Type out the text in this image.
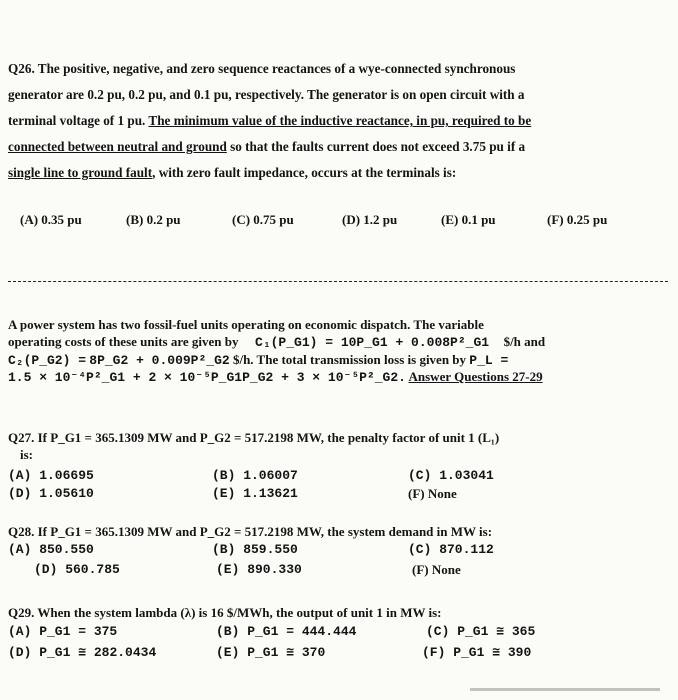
Q26. The positive, negative, and zero sequence reactances of a wye-connected synchronous
generator are 0.2 pu, 0.2 pu, and 0.1 pu, respectively. The generator is on open circuit with a
terminal voltage of 1 pu. The minimum value of the inductive reactance, in pu, required to be
connected between neutral and ground so that the faults current does not exceed 3.75 pu if a
single line to ground fault, with zero fault impedance, occurs at the terminals is:
(A) 0.35 pu	(B) 0.2 pu	(C) 0.75 pu	(D) 1.2 pu	(E) 0.1 pu	(F) 0.25 pu
A power system has two fossil-fuel units operating on economic dispatch. The variable
operating costs of these units are given by C₁(P_G1) = 10P_G1 + 0.008P²_G1 $/h and
C₂(P_G2) = 8P_G2 + 0.009P²_G2 $/h. The total transmission loss is given by P_L =
1.5 × 10⁻⁴P²_G1 + 2 × 10⁻⁵P_G1P_G2 + 3 × 10⁻⁵P²_G2. Answer Questions 27-29
Q27. If P_G1 = 365.1309 MW and P_G2 = 517.2198 MW, the penalty factor of unit 1 (L₁)
is:
(A) 1.06695	(B) 1.06007	(C) 1.03041
(D) 1.05610	(E) 1.13621	(F) None
Q28. If P_G1 = 365.1309 MW and P_G2 = 517.2198 MW, the system demand in MW is:
(A) 850.550	(B) 859.550	(C) 870.112
(D) 560.785	(E) 890.330	(F) None
Q29. When the system lambda (λ) is 16 $/MWh, the output of unit 1 in MW is:
(A) P_G1 = 375	(B) P_G1 = 444.444	(C) P_G1 ≅ 365
(D) P_G1 ≅ 282.0434	(E) P_G1 ≅ 370	(F) P_G1 ≅ 390
